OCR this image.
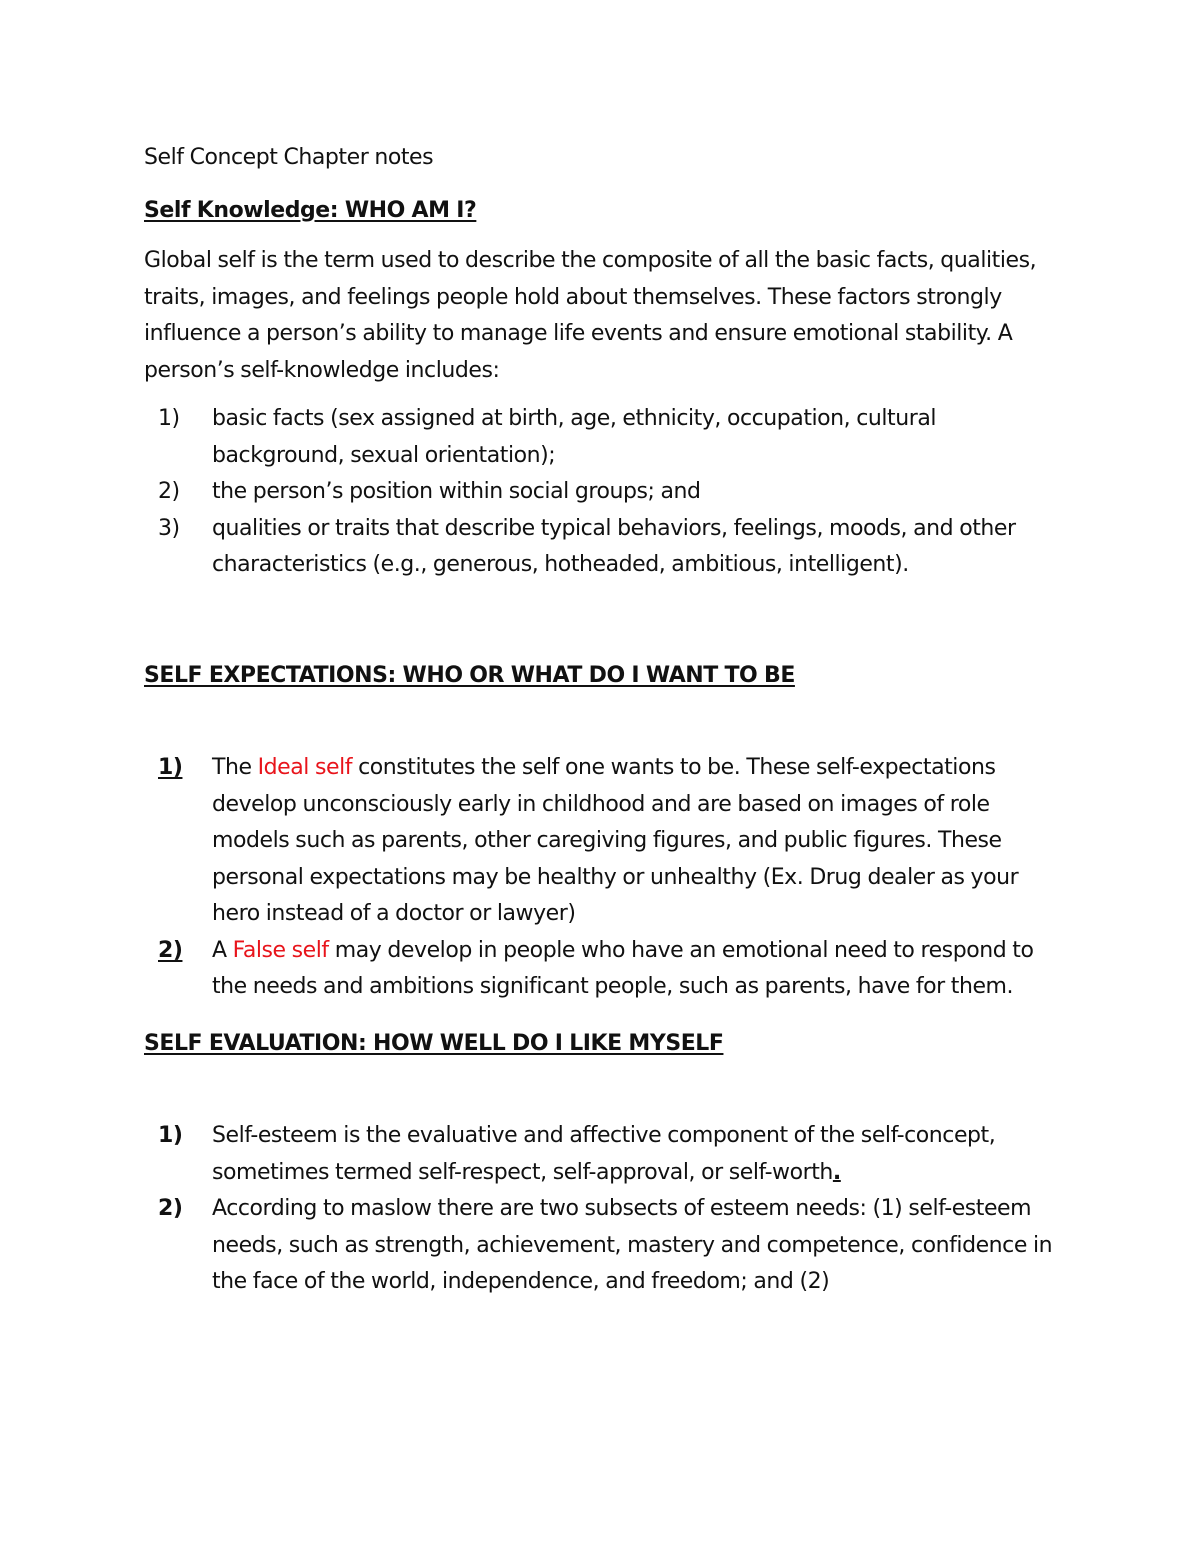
Self Concept Chapter notes

Self Knowledge: WHO AM I?

Global self is the term used to describe the composite of all the basic facts, qualities, traits, images, and feelings people hold about themselves. These factors strongly influence a person’s ability to manage life events and ensure emotional stability. A person’s self-knowledge includes:

1) basic facts (sex assigned at birth, age, ethnicity, occupation, cultural background, sexual orientation);
2) the person’s position within social groups; and
3) qualities or traits that describe typical behaviors, feelings, moods, and other characteristics (e.g., generous, hotheaded, ambitious, intelligent).

SELF EXPECTATIONS: WHO OR WHAT DO I WANT TO BE

1) The Ideal self constitutes the self one wants to be. These self-expectations develop unconsciously early in childhood and are based on images of role models such as parents, other caregiving figures, and public figures. These personal expectations may be healthy or unhealthy (Ex. Drug dealer as your hero instead of a doctor or lawyer)
2) A False self may develop in people who have an emotional need to respond to the needs and ambitions significant people, such as parents, have for them.

SELF EVALUATION: HOW WELL DO I LIKE MYSELF

1) Self-esteem is the evaluative and affective component of the self-concept, sometimes termed self-respect, self-approval, or self-worth.
2) According to maslow there are two subsects of esteem needs: (1) self-esteem needs, such as strength, achievement, mastery and competence, confidence in the face of the world, independence, and freedom; and (2)
